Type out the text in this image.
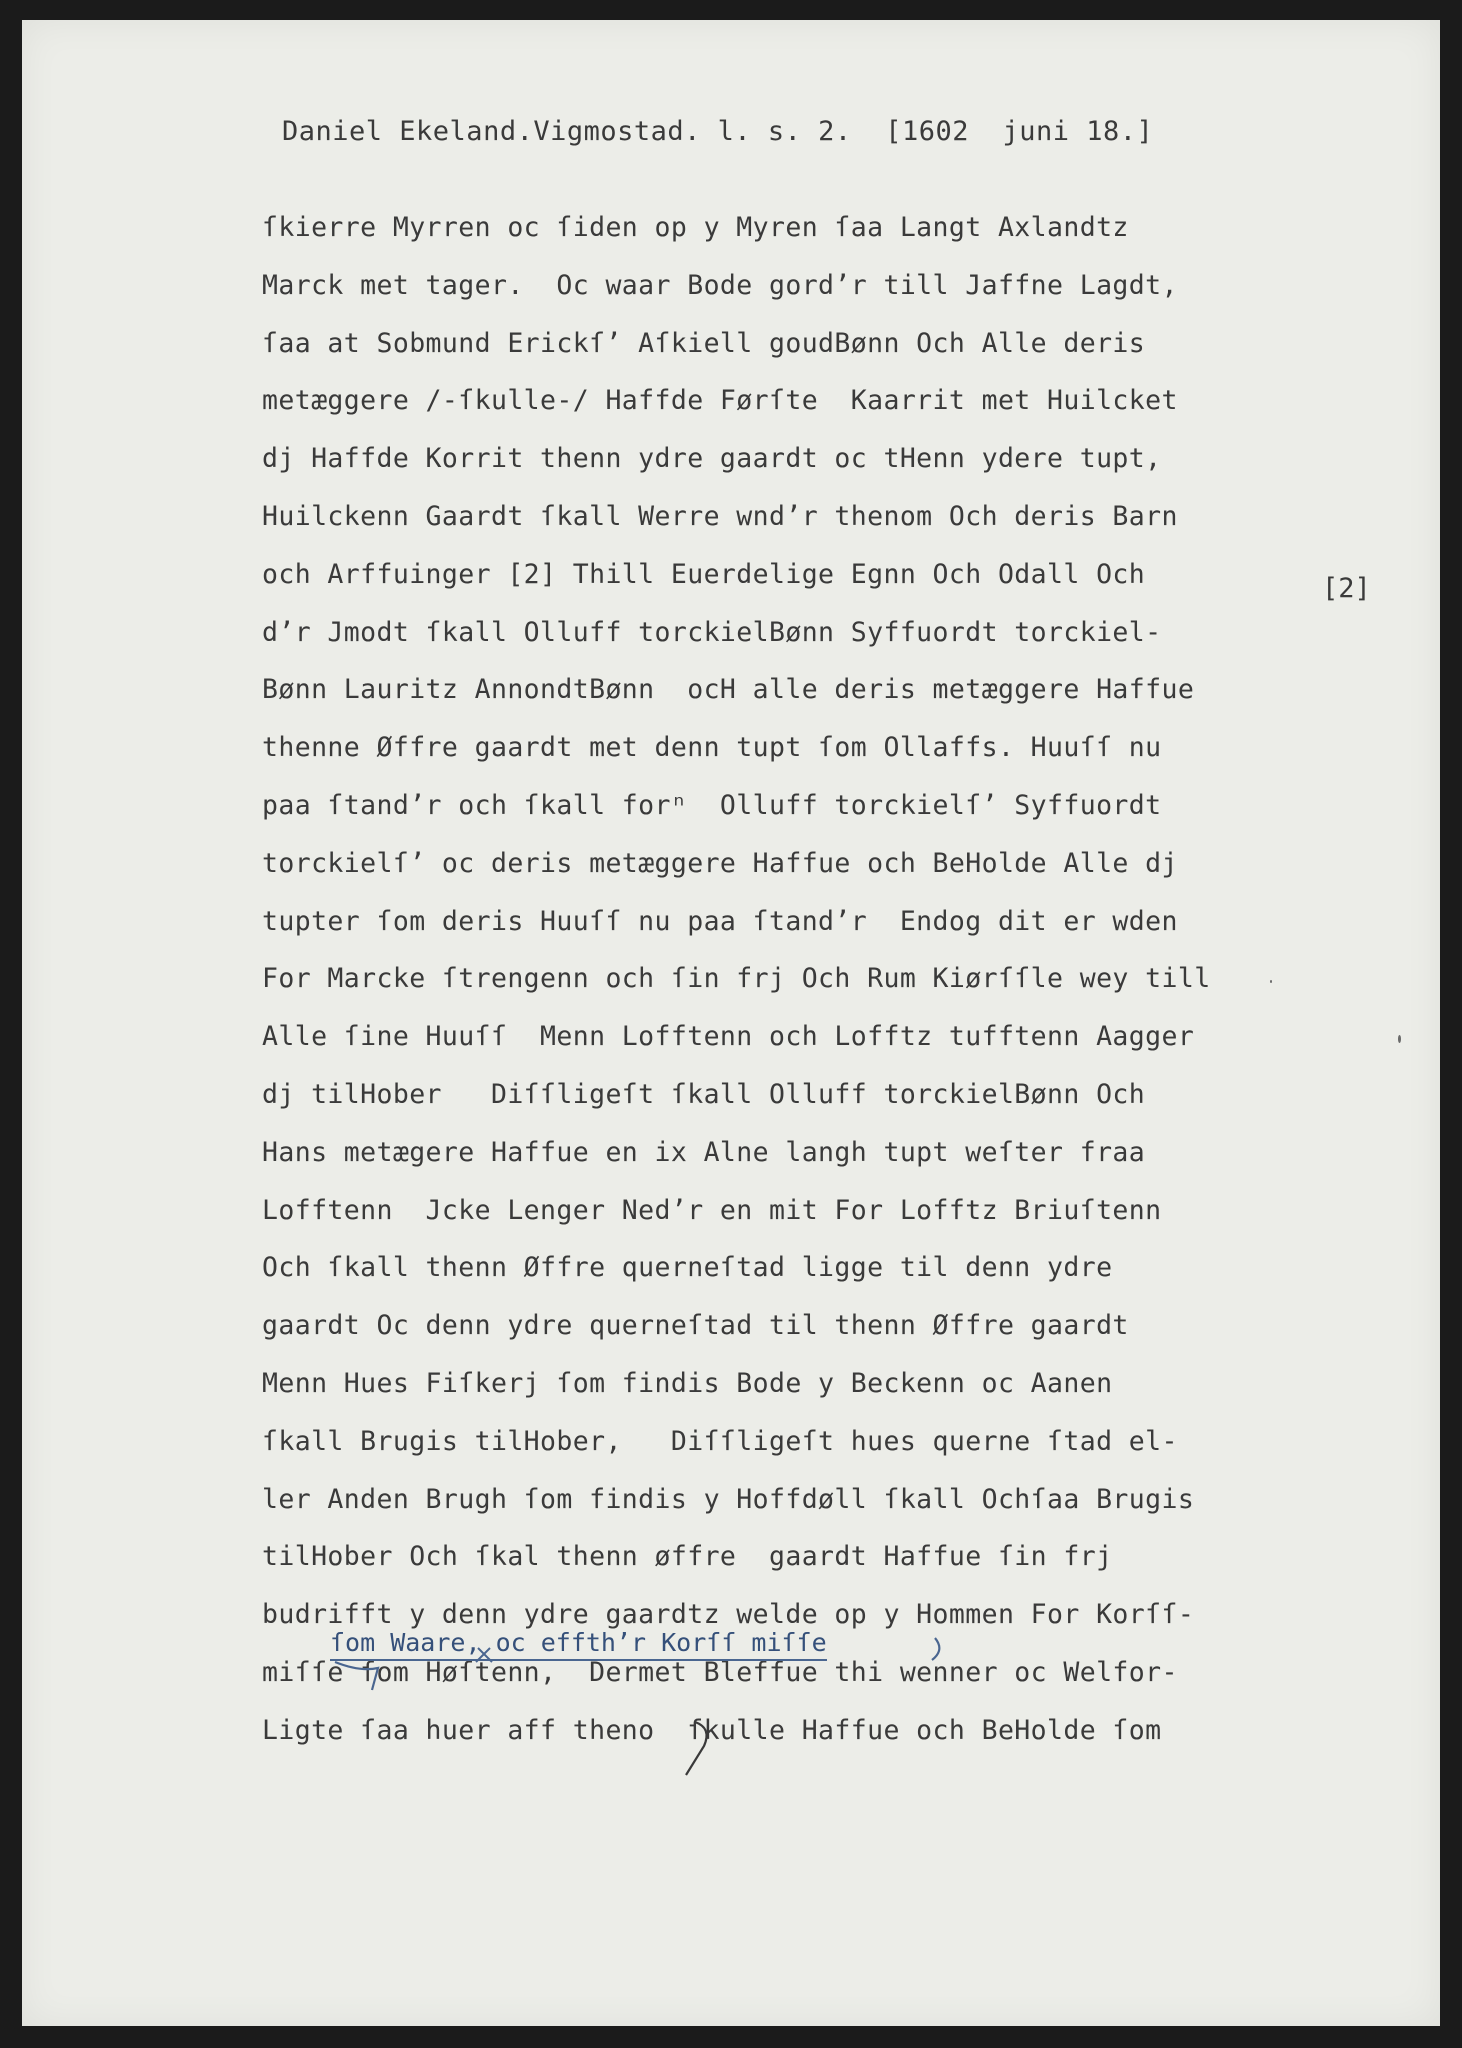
Daniel Ekeland.Vigmostad. l. s. 2.  [1602  juni 18.]
[2]
ſkierre Myrren oc ſiden op y Myren ſaa Langt Axlandtz
Marck met tager.  Oc waar Bode gord’r till Jaffne Lagdt,
ſaa at Sobmund Erickſ’ Aſkiell goudBønn Och Alle deris
metæggere /-ſkulle-/ Haffde Førſte  Kaarrit met Huilcket
dj Haffde Korrit thenn ydre gaardt oc tHenn ydere tupt,
Huilckenn Gaardt ſkall Werre wnd’r thenom Och deris Barn
och Arffuinger [2] Thill Euerdelige Egnn Och Odall Och
d’r Jmodt ſkall Olluff torckielBønn Syffuordt torckiel-
Bønn Lauritz AnnondtBønn  ocH alle deris metæggere Haffue
thenne Øffre gaardt met denn tupt ſom Ollaffs. Huuſſ nu
paa ſtand’r och ſkall forⁿ  Olluff torckielſ’ Syffuordt
torckielſ’ oc deris metæggere Haffue och BeHolde Alle dj
tupter ſom deris Huuſſ nu paa ſtand’r  Endog dit er wden
For Marcke ſtrengenn och ſin frj Och Rum Kiørſſle wey till
Alle ſine Huuſſ  Menn Lofftenn och Lofftz tufftenn Aagger
dj tilHober   Diſſligeſt ſkall Olluff torckielBønn Och
Hans metægere Haffue en ix Alne langh tupt weſter fraa
Lofftenn  Jcke Lenger Ned’r en mit For Lofftz Briuſtenn
Och ſkall thenn Øffre querneſtad ligge til denn ydre
gaardt Oc denn ydre querneſtad til thenn Øffre gaardt
Menn Hues Fiſkerj ſom findis Bode y Beckenn oc Aanen
ſkall Brugis tilHober,   Diſſligeſt hues querne ſtad el-
ler Anden Brugh ſom findis y Hoffdøll ſkall Ochſaa Brugis
tilHober Och ſkal thenn øffre  gaardt Haffue ſin frj
budrifft y denn ydre gaardtz welde op y Hommen For Korſſ-
miſſe ſom Høſtenn,  Dermet Bleffue thi wenner oc Welfor-
Ligte ſaa huer aff theno  ſkulle Haffue och BeHolde ſom
ſom Waare, oc effth’r Korſſ miſſe
